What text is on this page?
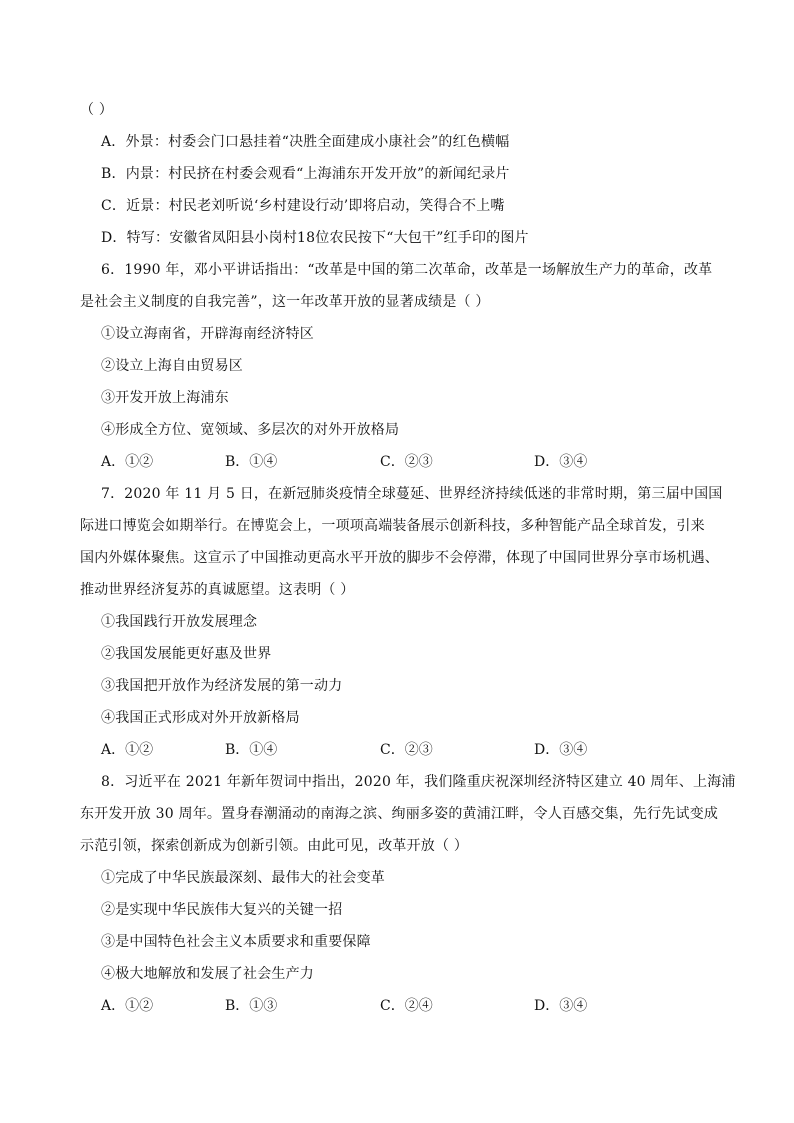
（ ）
A．外景：村委会门口悬挂着“决胜全面建成小康社会”的红色横幅
B．内景：村民挤在村委会观看“上海浦东开发开放”的新闻纪录片
C．近景：村民老刘听说‘乡村建设行动’即将启动，笑得合不上嘴
D．特写：安徽省凤阳县小岗村18位农民按下“大包干”红手印的图片
6．1990 年，邓小平讲话指出：“改革是中国的第二次革命，改革是一场解放生产力的革命，改革
是社会主义制度的自我完善”，这一年改革开放的显著成绩是（ ）
①设立海南省，开辟海南经济特区
②设立上海自由贸易区
③开发开放上海浦东
④形成全方位、宽领域、多层次的对外开放格局
A．①②	B．①④	C．②③	D．③④
7．2020 年 11 月 5 日，在新冠肺炎疫情全球蔓延、世界经济持续低迷的非常时期，第三届中国国
际进口博览会如期举行。在博览会上，一项项高端装备展示创新科技，多种智能产品全球首发，引来
国内外媒体聚焦。这宣示了中国推动更高水平开放的脚步不会停滞，体现了中国同世界分享市场机遇、
推动世界经济复苏的真诚愿望。这表明（ ）
①我国践行开放发展理念
②我国发展能更好惠及世界
③我国把开放作为经济发展的第一动力
④我国正式形成对外开放新格局
A．①②	B．①④	C．②③	D．③④
8．习近平在 2021 年新年贺词中指出，2020 年，我们隆重庆祝深圳经济特区建立 40 周年、上海浦
东开发开放 30 周年。置身春潮涌动的南海之滨、绚丽多姿的黄浦江畔，令人百感交集，先行先试变成
示范引领，探索创新成为创新引领。由此可见，改革开放（ ）
①完成了中华民族最深刻、最伟大的社会变革
②是实现中华民族伟大复兴的关键一招
③是中国特色社会主义本质要求和重要保障
④极大地解放和发展了社会生产力
A．①②	B．①③	C．②④	D．③④
